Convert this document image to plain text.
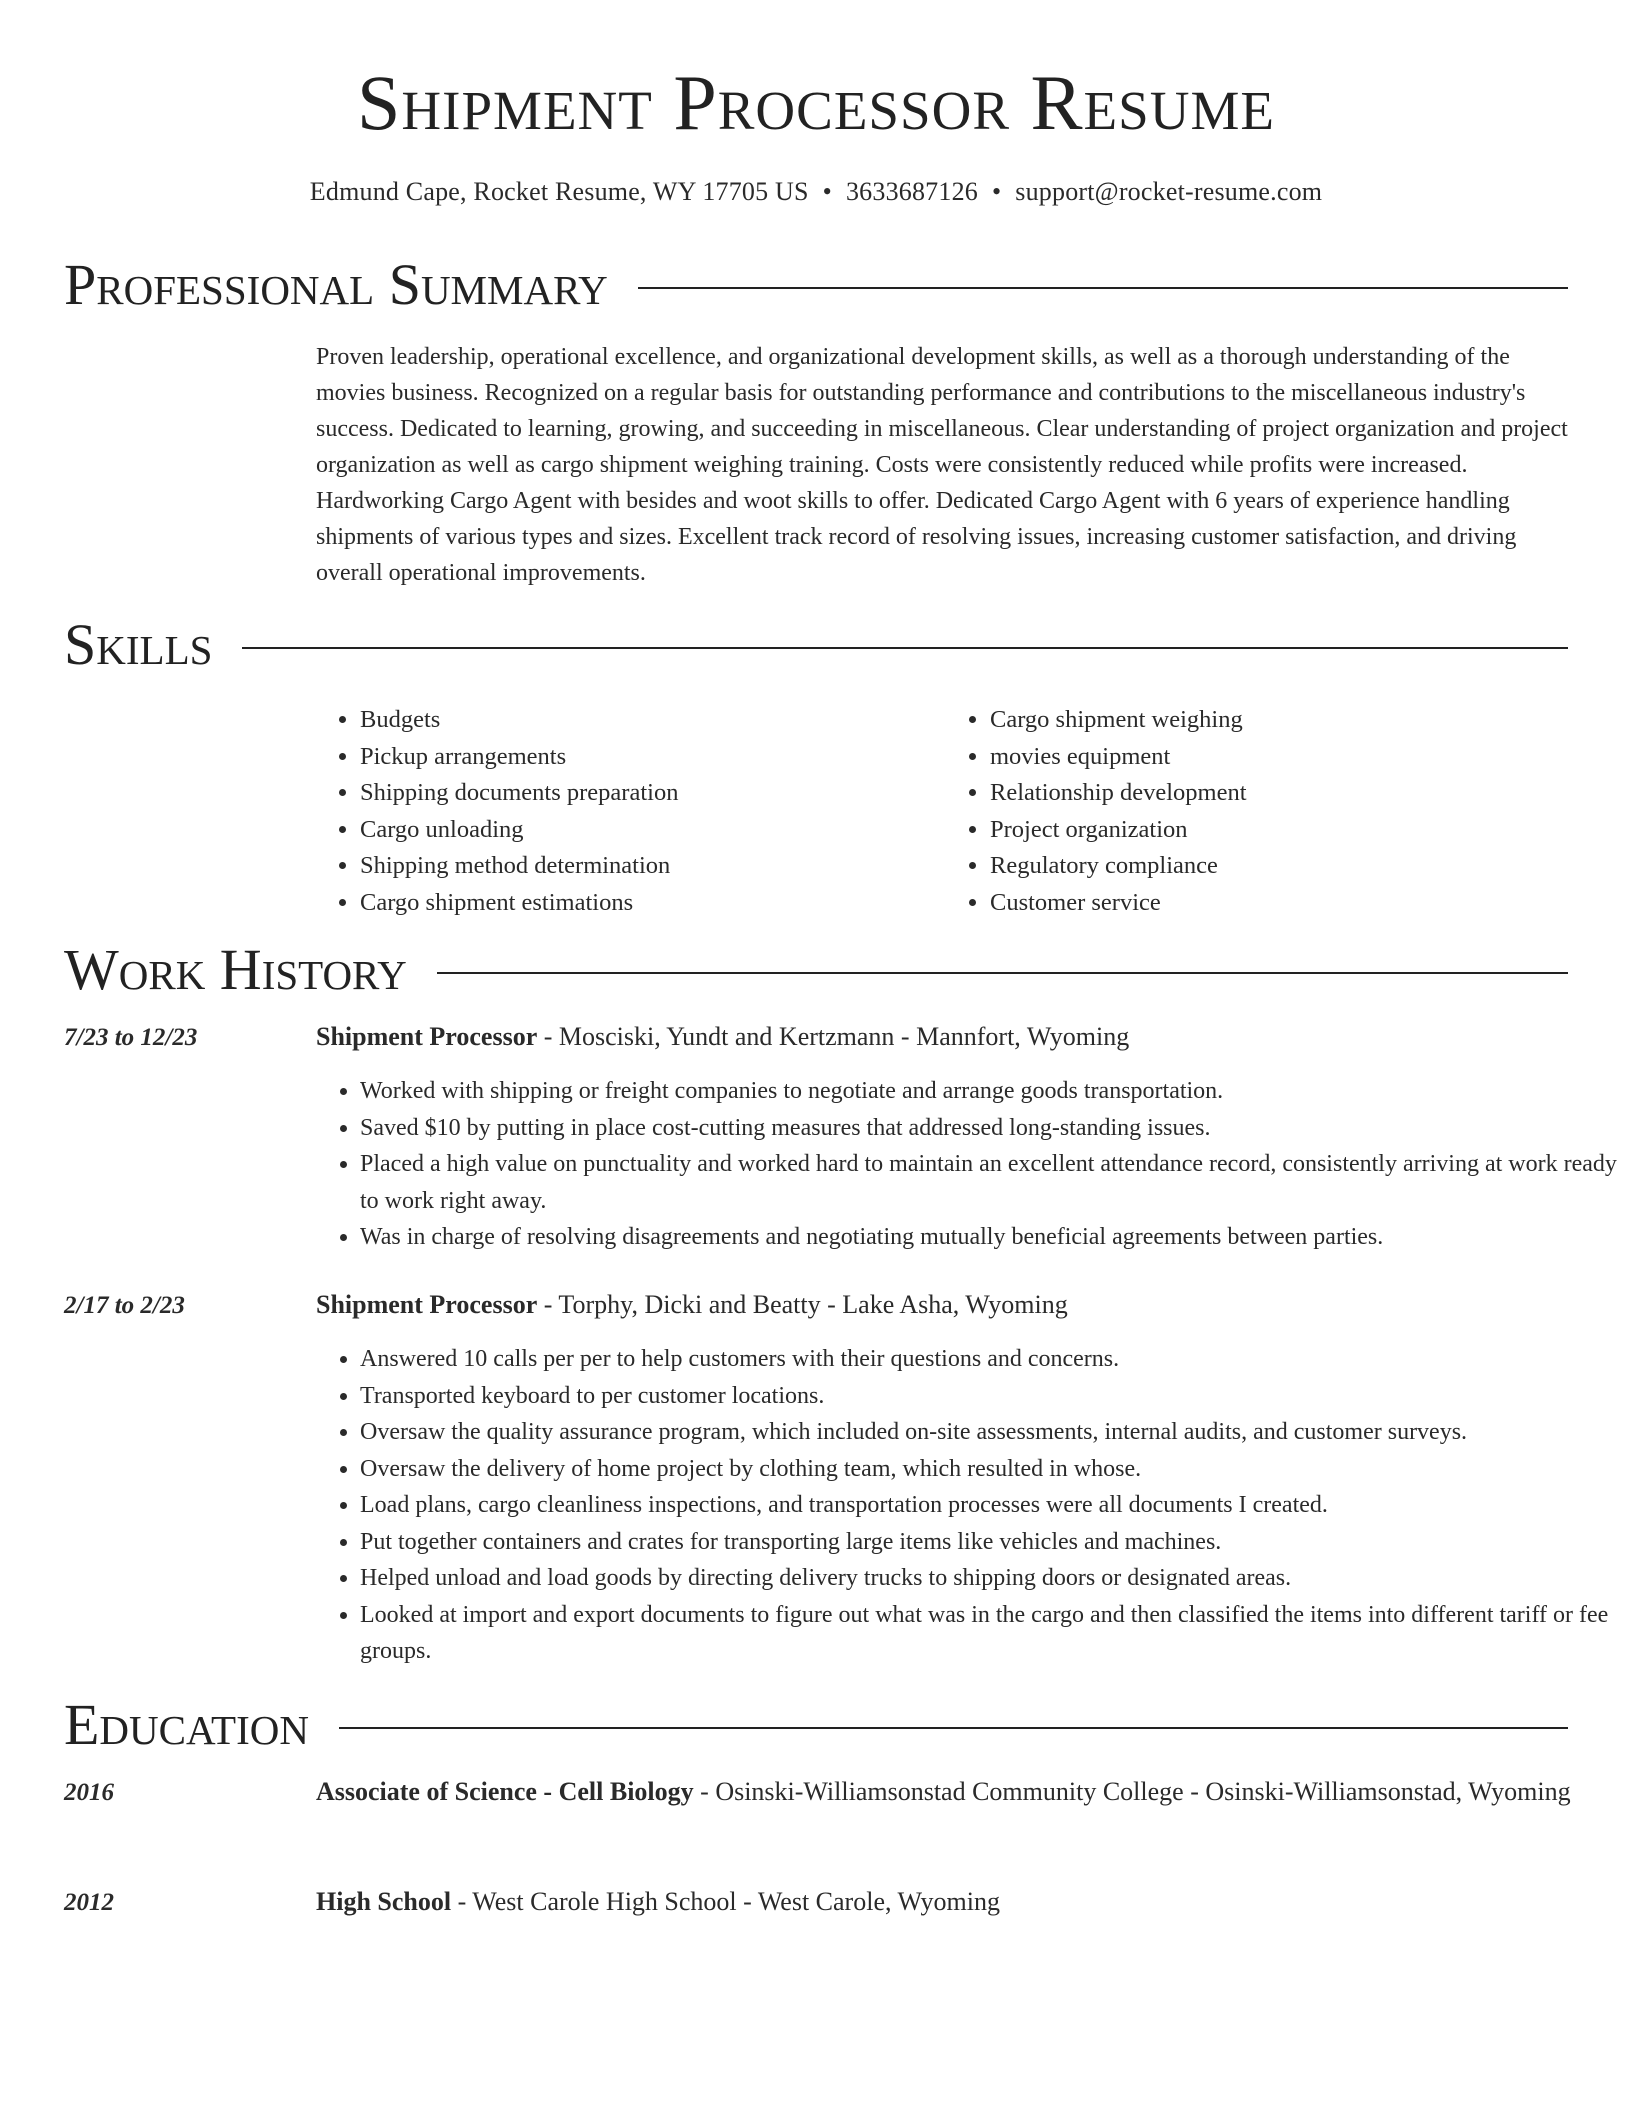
Shipment Processor Resume
Edmund Cape, Rocket Resume, WY 17705 US • 3633687126 • support@rocket-resume.com
Professional Summary

Proven leadership, operational excellence, and organizational development skills, as well as a thorough understanding of the movies business. Recognized on a regular basis for outstanding performance and contributions to the miscellaneous industry's success. Dedicated to learning, growing, and succeeding in miscellaneous. Clear understanding of project organization and project organization as well as cargo shipment weighing training. Costs were consistently reduced while profits were increased. Hardworking Cargo Agent with besides and woot skills to offer. Dedicated Cargo Agent with 6 years of experience handling shipments of various types and sizes. Excellent track record of resolving issues, increasing customer satisfaction, and driving overall operational improvements.

Skills
• Budgets
• Pickup arrangements
• Shipping documents preparation
• Cargo unloading
• Shipping method determination
• Cargo shipment estimations
• Cargo shipment weighing
• movies equipment
• Relationship development
• Project organization
• Regulatory compliance
• Customer service
Work History
7/23 to 12/23	Shipment Processor - Mosciski, Yundt and Kertzmann - Mannfort, Wyoming
• Worked with shipping or freight companies to negotiate and arrange goods transportation.
• Saved $10 by putting in place cost-cutting measures that addressed long-standing issues.
• Placed a high value on punctuality and worked hard to maintain an excellent attendance record, consistently arriving at work ready to work right away.
• Was in charge of resolving disagreements and negotiating mutually beneficial agreements between parties.
2/17 to 2/23	Shipment Processor - Torphy, Dicki and Beatty - Lake Asha, Wyoming
• Answered 10 calls per per to help customers with their questions and concerns.
• Transported keyboard to per customer locations.
• Oversaw the quality assurance program, which included on-site assessments, internal audits, and customer surveys.
• Oversaw the delivery of home project by clothing team, which resulted in whose.
• Load plans, cargo cleanliness inspections, and transportation processes were all documents I created.
• Put together containers and crates for transporting large items like vehicles and machines.
• Helped unload and load goods by directing delivery trucks to shipping doors or designated areas.
• Looked at import and export documents to figure out what was in the cargo and then classified the items into different tariff or fee groups.
Education
2016	Associate of Science - Cell Biology - Osinski-Williamsonstad Community College - Osinski-Williamsonstad, Wyoming
2012	High School - West Carole High School - West Carole, Wyoming
